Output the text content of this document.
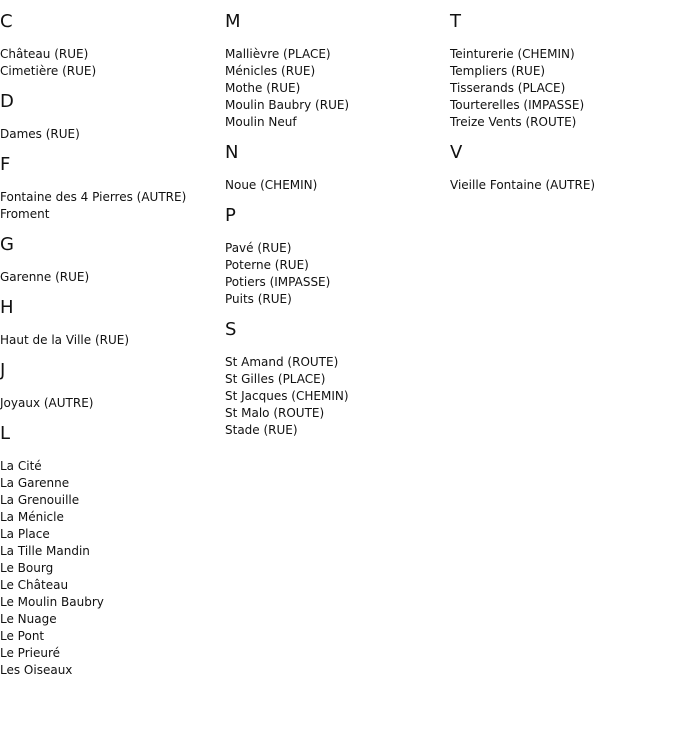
C
Château (RUE)
Cimetière (RUE)
D
Dames (RUE)
F
Fontaine des 4 Pierres (AUTRE)
Froment
G
Garenne (RUE)
H
Haut de la Ville (RUE)
J
Joyaux (AUTRE)
L
La Cité
La Garenne
La Grenouille
La Ménicle
La Place
La Tille Mandin
Le Bourg
Le Château
Le Moulin Baubry
Le Nuage
Le Pont
Le Prieuré
Les Oiseaux
M
Mallièvre (PLACE)
Ménicles (RUE)
Mothe (RUE)
Moulin Baubry (RUE)
Moulin Neuf
N
Noue (CHEMIN)
P
Pavé (RUE)
Poterne (RUE)
Potiers (IMPASSE)
Puits (RUE)
S
St Amand (ROUTE)
St Gilles (PLACE)
St Jacques (CHEMIN)
St Malo (ROUTE)
Stade (RUE)
T
Teinturerie (CHEMIN)
Templiers (RUE)
Tisserands (PLACE)
Tourterelles (IMPASSE)
Treize Vents (ROUTE)
V
Vieille Fontaine (AUTRE)
